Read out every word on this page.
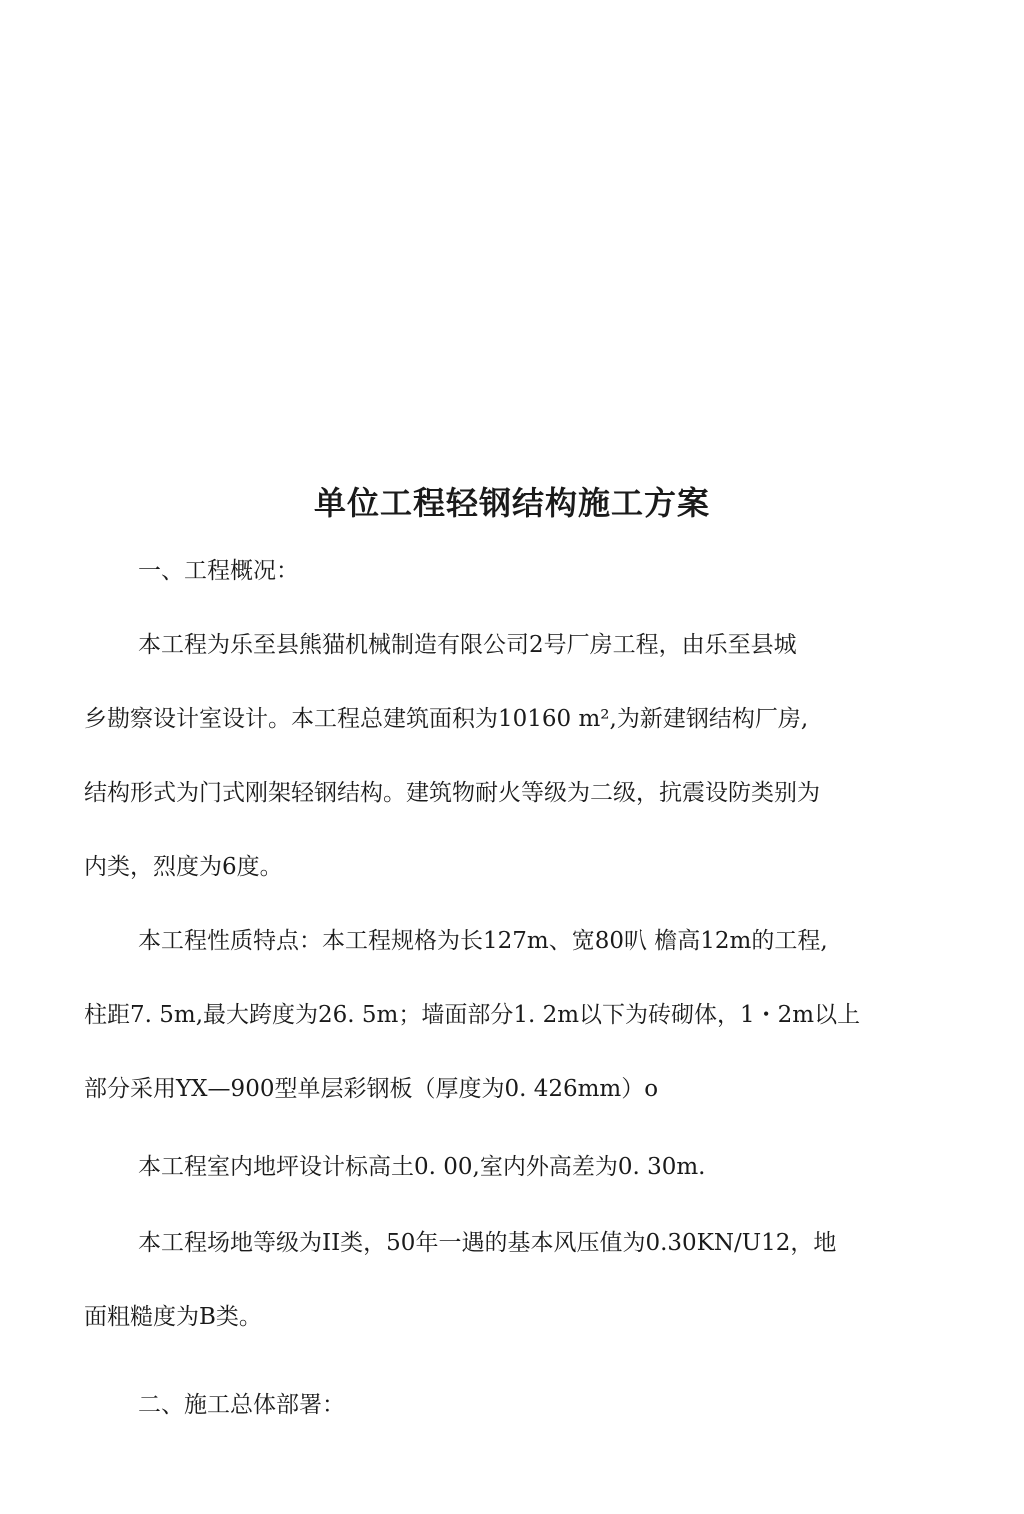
单位工程轻钢结构施工方案

一、工程概况：

本工程为乐至县熊猫机械制造有限公司2号厂房工程，由乐至县城

乡勘察设计室设计。本工程总建筑面积为10160 m²,为新建钢结构厂房,

结构形式为门式刚架轻钢结构。建筑物耐火等级为二级，抗震设防类别为

内类，烈度为6度。

本工程性质特点：本工程规格为长127m、宽80叭 檐高12m的工程,

柱距7. 5m,最大跨度为26. 5m；墙面部分1. 2m以下为砖砌体，1・2m以上

部分采用YX—900型单层彩钢板（厚度为0. 426mm）o

本工程室内地坪设计标高土0. 00,室内外高差为0. 30m.

本工程场地等级为II类，50年一遇的基本风压值为0.30KN/U12，地

面粗糙度为B类。

二、施工总体部署：
